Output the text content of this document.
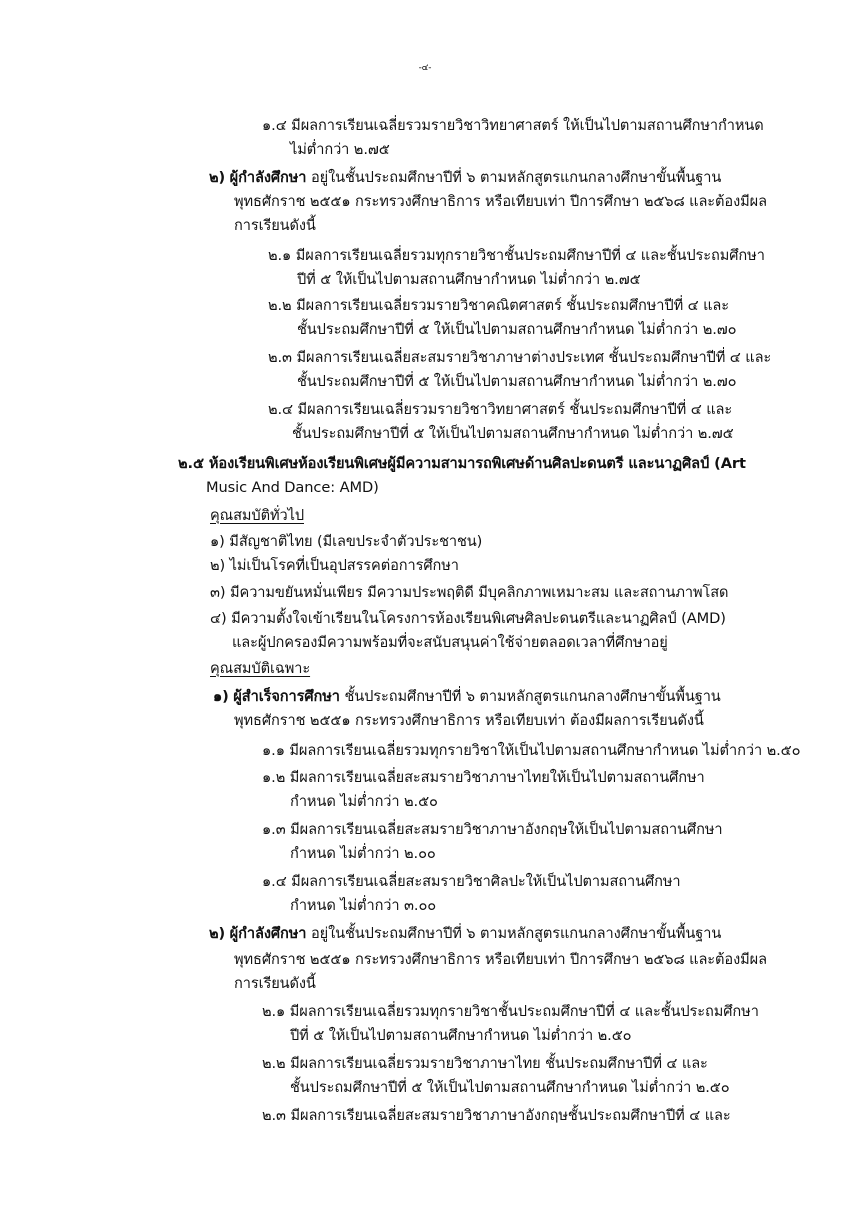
-๔-
๑.๔ มีผลการเรียนเฉลี่ยรวมรายวิชาวิทยาศาสตร์ ให้เป็นไปตามสถานศึกษากำหนด
ไม่ต่ำกว่า ๒.๗๕
๒) ผู้กำลังศึกษา อยู่ในชั้นประถมศึกษาปีที่ ๖ ตามหลักสูตรแกนกลางศึกษาขั้นพื้นฐาน
พุทธศักราช ๒๕๕๑ กระทรวงศึกษาธิการ หรือเทียบเท่า ปีการศึกษา ๒๕๖๘ และต้องมีผล
การเรียนดังนี้
๒.๑ มีผลการเรียนเฉลี่ยรวมทุกรายวิชาชั้นประถมศึกษาปีที่ ๔ และชั้นประถมศึกษา
ปีที่ ๕ ให้เป็นไปตามสถานศึกษากำหนด ไม่ต่ำกว่า ๒.๗๕
๒.๒ มีผลการเรียนเฉลี่ยรวมรายวิชาคณิตศาสตร์ ชั้นประถมศึกษาปีที่ ๔ และ
ชั้นประถมศึกษาปีที่ ๕ ให้เป็นไปตามสถานศึกษากำหนด ไม่ต่ำกว่า ๒.๗๐
๒.๓ มีผลการเรียนเฉลี่ยสะสมรายวิชาภาษาต่างประเทศ ชั้นประถมศึกษาปีที่ ๔ และ
ชั้นประถมศึกษาปีที่ ๕ ให้เป็นไปตามสถานศึกษากำหนด ไม่ต่ำกว่า ๒.๗๐
๒.๔ มีผลการเรียนเฉลี่ยรวมรายวิชาวิทยาศาสตร์ ชั้นประถมศึกษาปีที่ ๔ และ
ชั้นประถมศึกษาปีที่ ๕ ให้เป็นไปตามสถานศึกษากำหนด ไม่ต่ำกว่า ๒.๗๕
๒.๕ ห้องเรียนพิเศษห้องเรียนพิเศษผู้มีความสามารถพิเศษด้านศิลปะดนตรี และนาฏศิลป์ (Art
Music And Dance: AMD)
คุณสมบัติทั่วไป
๑) มีสัญชาติไทย (มีเลขประจำตัวประชาชน)
๒) ไม่เป็นโรคที่เป็นอุปสรรคต่อการศึกษา
๓) มีความขยันหมั่นเพียร มีความประพฤติดี มีบุคลิกภาพเหมาะสม และสถานภาพโสด
๔) มีความตั้งใจเข้าเรียนในโครงการห้องเรียนพิเศษศิลปะดนตรีและนาฏศิลป์ (AMD)
และผู้ปกครองมีความพร้อมที่จะสนับสนุนค่าใช้จ่ายตลอดเวลาที่ศึกษาอยู่
คุณสมบัติเฉพาะ
๑) ผู้สำเร็จการศึกษา ชั้นประถมศึกษาปีที่ ๖ ตามหลักสูตรแกนกลางศึกษาขั้นพื้นฐาน
พุทธศักราช ๒๕๕๑ กระทรวงศึกษาธิการ หรือเทียบเท่า ต้องมีผลการเรียนดังนี้
๑.๑ มีผลการเรียนเฉลี่ยรวมทุกรายวิชาให้เป็นไปตามสถานศึกษากำหนด ไม่ต่ำกว่า ๒.๕๐
๑.๒ มีผลการเรียนเฉลี่ยสะสมรายวิชาภาษาไทยให้เป็นไปตามสถานศึกษา
กำหนด ไม่ต่ำกว่า ๒.๕๐
๑.๓ มีผลการเรียนเฉลี่ยสะสมรายวิชาภาษาอังกฤษให้เป็นไปตามสถานศึกษา
กำหนด ไม่ต่ำกว่า ๒.๐๐
๑.๔ มีผลการเรียนเฉลี่ยสะสมรายวิชาศิลปะให้เป็นไปตามสถานศึกษา
กำหนด ไม่ต่ำกว่า ๓.๐๐
๒) ผู้กำลังศึกษา อยู่ในชั้นประถมศึกษาปีที่ ๖ ตามหลักสูตรแกนกลางศึกษาขั้นพื้นฐาน
พุทธศักราช ๒๕๕๑ กระทรวงศึกษาธิการ หรือเทียบเท่า ปีการศึกษา ๒๕๖๘ และต้องมีผล
การเรียนดังนี้
๒.๑ มีผลการเรียนเฉลี่ยรวมทุกรายวิชาชั้นประถมศึกษาปีที่ ๔ และชั้นประถมศึกษา
ปีที่ ๕ ให้เป็นไปตามสถานศึกษากำหนด ไม่ต่ำกว่า ๒.๕๐
๒.๒ มีผลการเรียนเฉลี่ยรวมรายวิชาภาษาไทย ชั้นประถมศึกษาปีที่ ๔ และ
ชั้นประถมศึกษาปีที่ ๕ ให้เป็นไปตามสถานศึกษากำหนด ไม่ต่ำกว่า ๒.๕๐
๒.๓ มีผลการเรียนเฉลี่ยสะสมรายวิชาภาษาอังกฤษชั้นประถมศึกษาปีที่ ๔ และ
